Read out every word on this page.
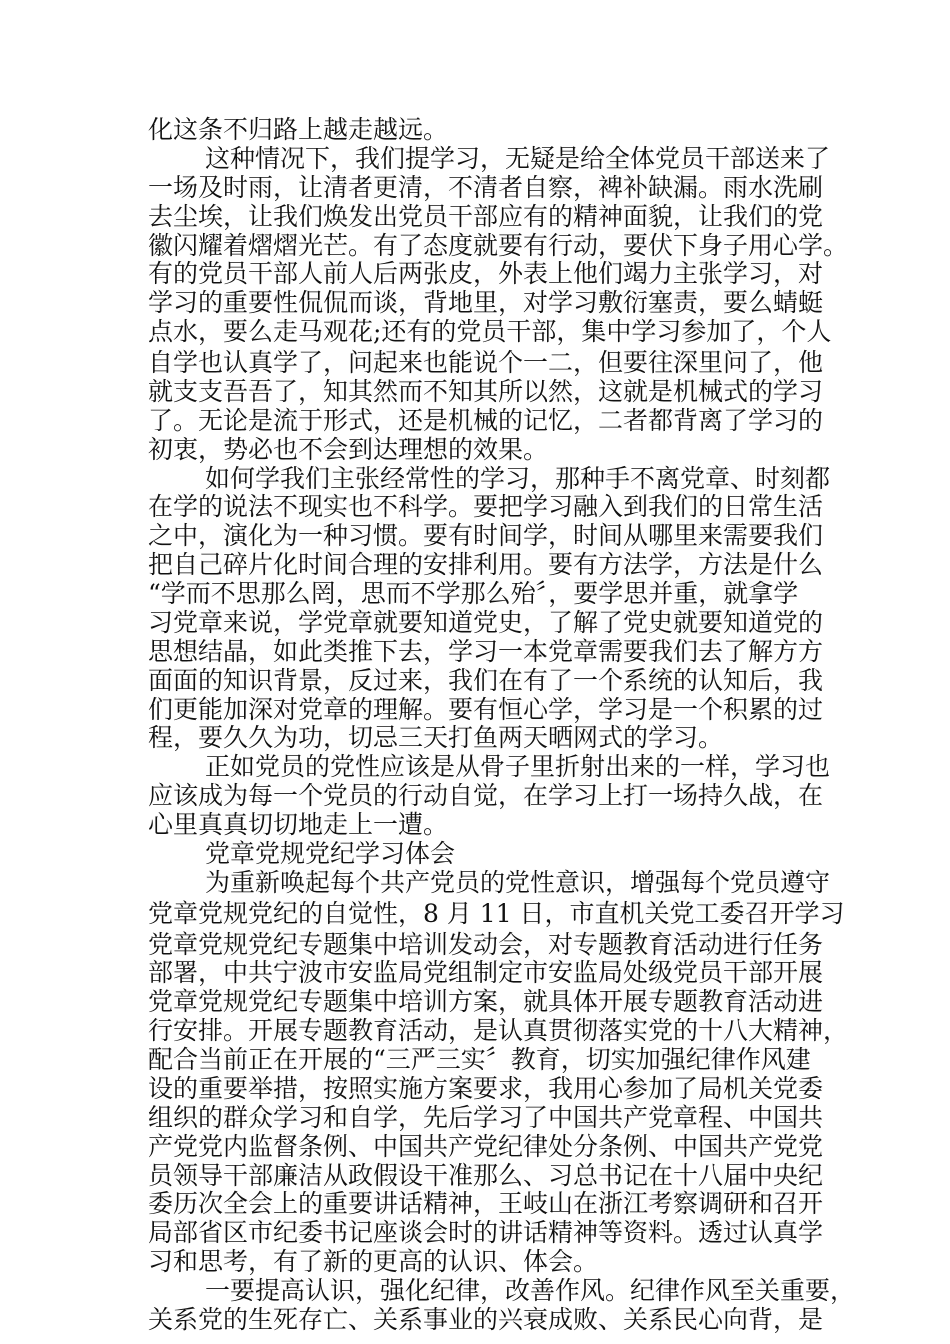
化这条不归路上越走越远。
这种情况下，我们提学习，无疑是给全体党员干部送来了
一场及时雨，让清者更清，不清者自察，裨补缺漏。雨水洗刷
去尘埃，让我们焕发出党员干部应有的精神面貌，让我们的党
徽闪耀着熠熠光芒。有了态度就要有行动，要伏下身子用心学。
有的党员干部人前人后两张皮，外表上他们竭力主张学习，对
学习的重要性侃侃而谈，背地里，对学习敷衍塞责，要么蜻蜓
点水，要么走马观花;还有的党员干部，集中学习参加了，个人
自学也认真学了，问起来也能说个一二，但要往深里问了，他
就支支吾吾了，知其然而不知其所以然，这就是机械式的学习
了。无论是流于形式，还是机械的记忆，二者都背离了学习的
初衷，势必也不会到达理想的效果。
如何学我们主张经常性的学习，那种手不离党章、时刻都
在学的说法不现实也不科学。要把学习融入到我们的日常生活
之中，演化为一种习惯。要有时间学，时间从哪里来需要我们
把自己碎片化时间合理的安排利用。要有方法学，方法是什么
“学而不思那么罔，思而不学那么殆〞，要学思并重，就拿学
习党章来说，学党章就要知道党史，了解了党史就要知道党的
思想结晶，如此类推下去，学习一本党章需要我们去了解方方
面面的知识背景，反过来，我们在有了一个系统的认知后，我
们更能加深对党章的理解。要有恒心学，学习是一个积累的过
程，要久久为功，切忌三天打鱼两天晒网式的学习。
正如党员的党性应该是从骨子里折射出来的一样，学习也
应该成为每一个党员的行动自觉，在学习上打一场持久战，在
心里真真切切地走上一遭。
党章党规党纪学习体会
为重新唤起每个共产党员的党性意识，增强每个党员遵守
党章党规党纪的自觉性，8 月 11 日，市直机关党工委召开学习
党章党规党纪专题集中培训发动会，对专题教育活动进行任务
部署，中共宁波市安监局党组制定市安监局处级党员干部开展
党章党规党纪专题集中培训方案，就具体开展专题教育活动进
行安排。开展专题教育活动，是认真贯彻落实党的十八大精神，
配合当前正在开展的“三严三实〞教育，切实加强纪律作风建
设的重要举措，按照实施方案要求，我用心参加了局机关党委
组织的群众学习和自学，先后学习了中国共产党章程、中国共
产党党内监督条例、中国共产党纪律处分条例、中国共产党党
员领导干部廉洁从政假设干准那么、习总书记在十八届中央纪
委历次全会上的重要讲话精神，王岐山在浙江考察调研和召开
局部省区市纪委书记座谈会时的讲话精神等资料。透过认真学
习和思考，有了新的更高的认识、体会。
一要提高认识，强化纪律，改善作风。纪律作风至关重要，
关系党的生死存亡、关系事业的兴衰成败、关系民心向背，是
